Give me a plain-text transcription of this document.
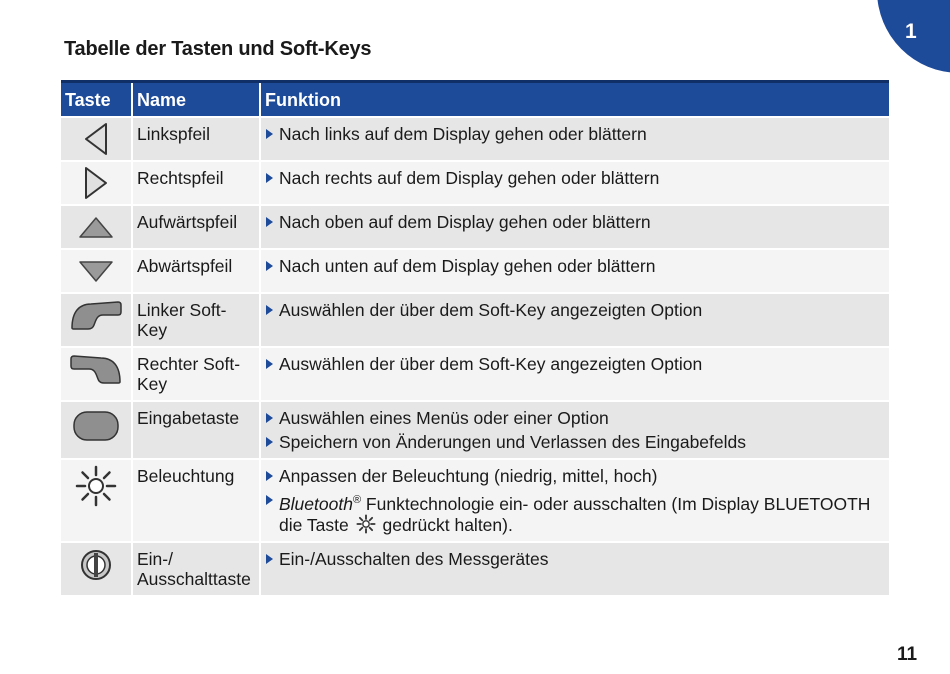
1
Tabelle der Tasten und Soft-Keys
Taste	Name	Funktion

	Linkspfeil	Nach links auf dem Display gehen oder blättern

	Rechtspfeil	Nach rechts auf dem Display gehen oder blättern

	Aufwärtspfeil	Nach oben auf dem Display gehen oder blättern

	Abwärtspfeil	Nach unten auf dem Display gehen oder blättern

	Linker Soft-Key	Auswählen der über dem Soft-Key angezeigten Option

	Rechter Soft-Key	Auswählen der über dem Soft-Key angezeigten Option

	Eingabetaste	Auswählen eines Menüs oder einer Option
Speichern von Änderungen und Verlassen des Eingabefelds

	Beleuchtung	Anpassen der Beleuchtung (niedrig, mittel, hoch)
Bluetooth® Funktechnologie ein- oder ausschalten (Im Display BLUETOOTH die Taste gedrückt halten).

	Ein-/ Ausschalttaste	Ein-/Ausschalten des Messgerätes
11
